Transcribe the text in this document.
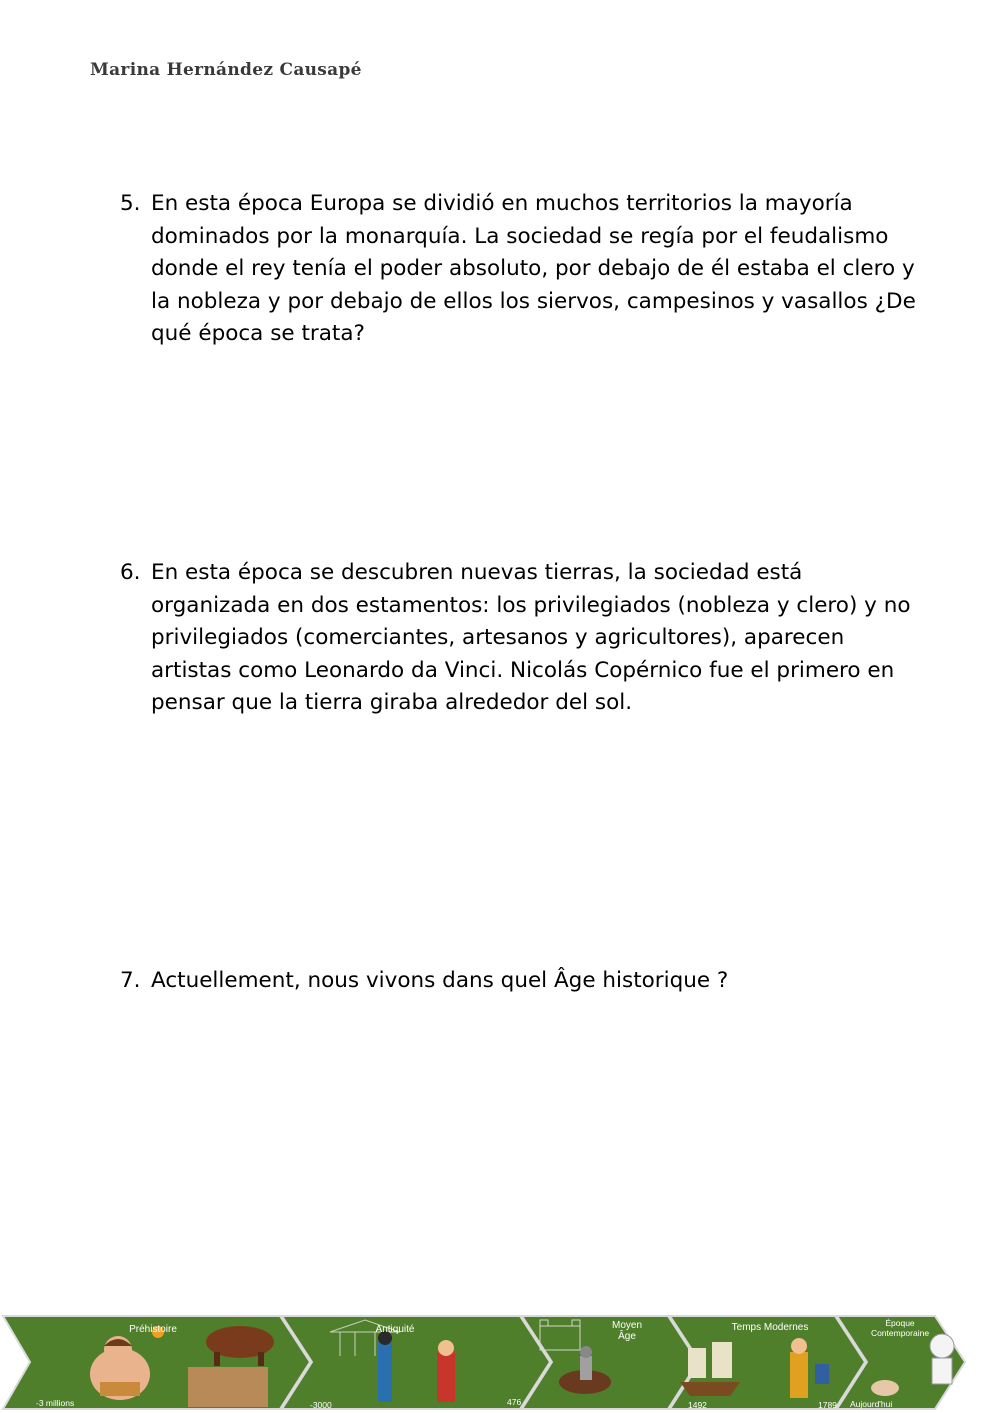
Marina Hernández Causapé
5. En esta época Europa se dividió en muchos territorios la mayoría dominados por la monarquía. La sociedad se regía por el feudalismo donde el rey tenía el poder absoluto, por debajo de él estaba el clero y la nobleza y por debajo de ellos los siervos, campesinos y vasallos ¿De qué época se trata?
6. En esta época se descubren nuevas tierras, la sociedad está organizada en dos estamentos: los privilegiados (nobleza y clero) y no privilegiados (comerciantes, artesanos y agricultores), aparecen artistas como Leonardo da Vinci. Nicolás Copérnico fue el primero en pensar que la tierra giraba alrededor del sol.
7. Actuellement, nous vivons dans quel Âge historique ?
Préhistoire	Antiquité	Moyen
Âge
Temps Modernes	Époque
Contemporaine
-3 millions	-3000	476	1492	1789 Aujourd'hui
